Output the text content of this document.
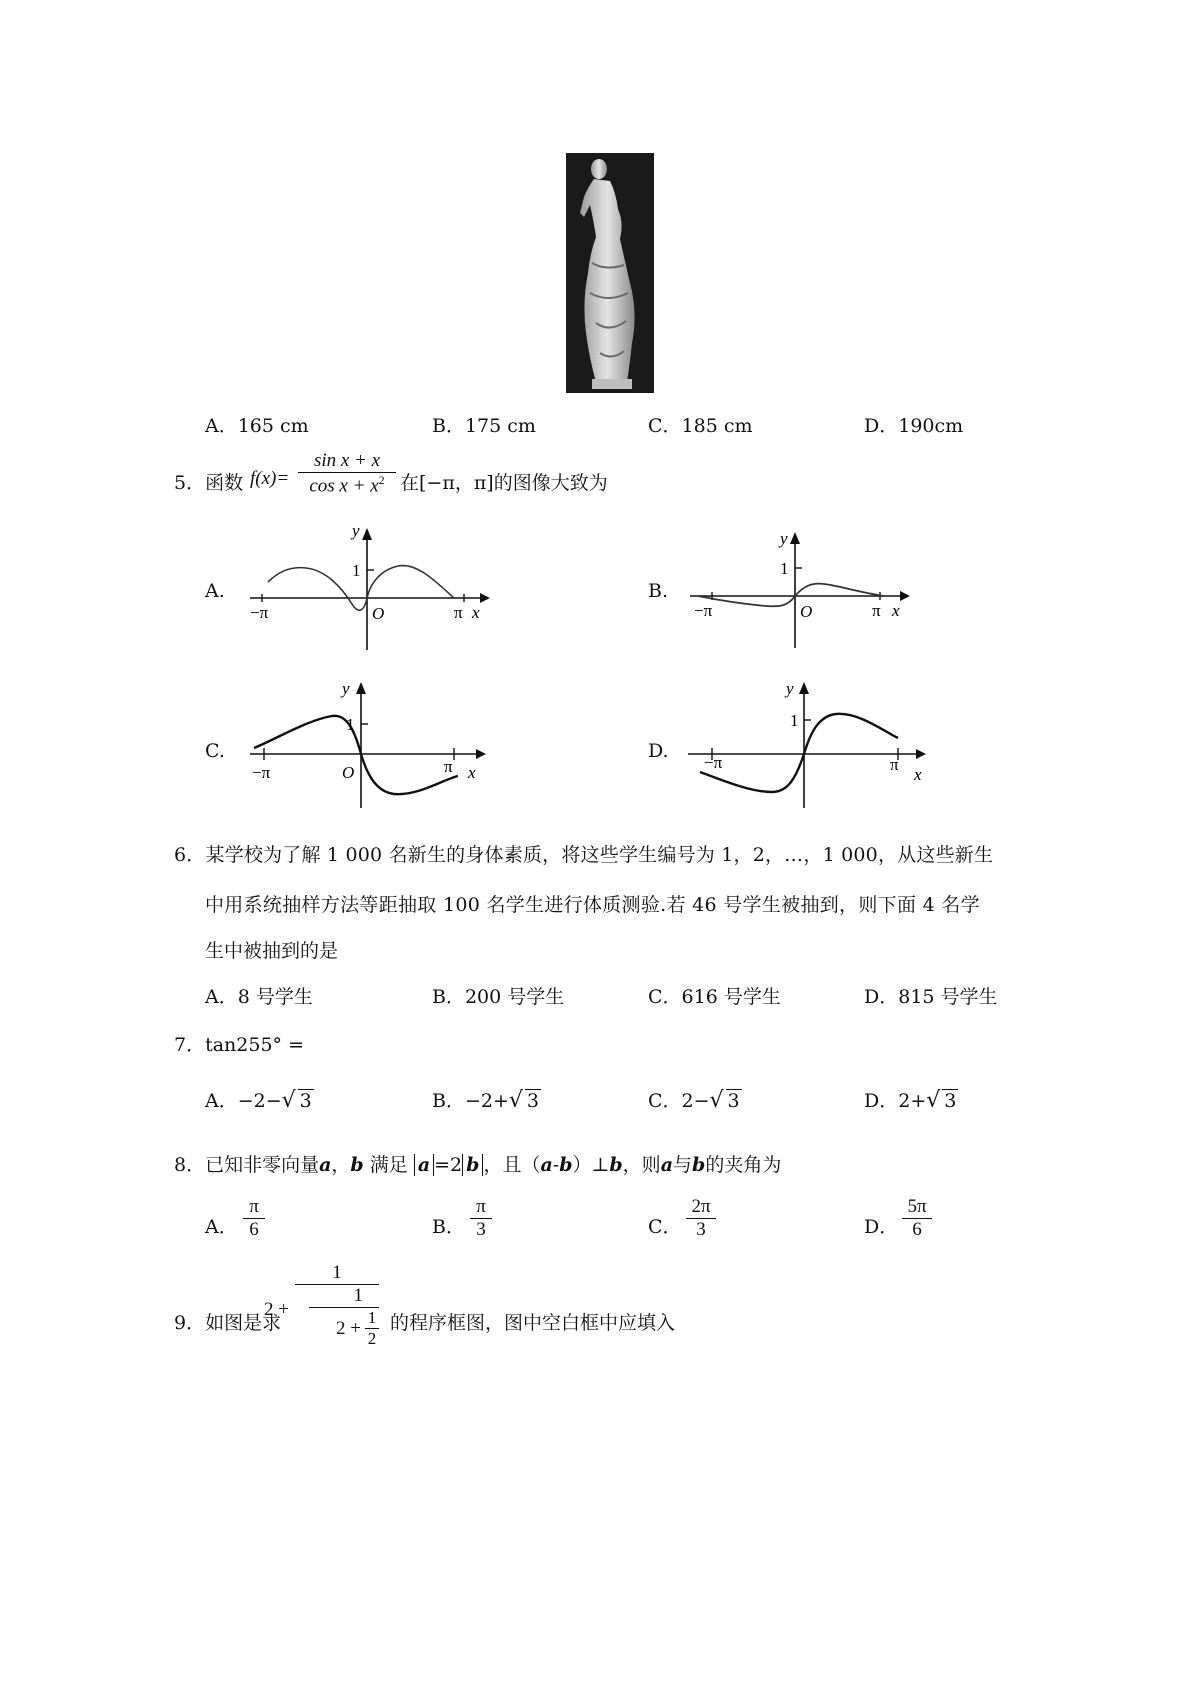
A．165 cm	B．175 cm	C．185 cm	D．190cm
5．函数 f(x)=
sin x + x
$\cos x + x^2$ 在[−π，π]的图像大致为
A.
y
1
−π	O	π x
B.
y
1
−π	O	π x
C.
y
1
−π	O	π x
D.
y
1
−π	π
x
6．某学校为了解 1 000 名新生的身体素质，将这些学生编号为 1，2，…，1 000，从这些新生
中用系统抽样方法等距抽取 100 名学生进行体质测验.若 46 号学生被抽到，则下面 4 名学
生中被抽到的是
A．8 号学生	B．200 号学生	C．616 号学生	D．815 号学生
7．tan255° =
A．−2− √ 3	B．−2+ √ 3	C．2− √ 3	D．2+ √ 3
8．已知非零向量a，b 满足 a =2 b ，且（a-b）⊥b，则a与b的夹角为
A．
π
6	B．
π
3	C．
2π
3	D．
5π
6
9．如图是求
2 +
1
1
2 + 1
2
的程序框图，图中空白框中应填入
